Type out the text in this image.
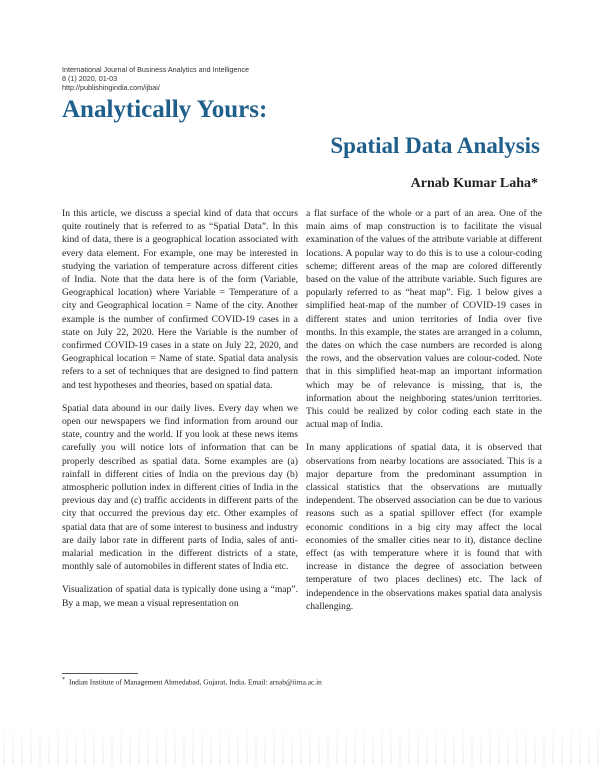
International Journal of Business Analytics and Intelligence
8 (1) 2020, 01-03
http://publishingindia.com/ijbai/
Analytically Yours:
Spatial Data Analysis
Arnab Kumar Laha*

In this article, we discuss a special kind of data that occurs quite routinely that is referred to as “Spatial Data”. In this kind of data, there is a geographical location associated with every data element. For example, one may be interested in studying the variation of temperature across different cities of India. Note that the data here is of the form (Variable, Geographical location) where Variable = Temperature of a city and Geographical location = Name of the city. Another example is the number of confirmed COVID-19 cases in a state on July 22, 2020. Here the Variable is the number of confirmed COVID-19 cases in a state on July 22, 2020, and Geographical location = Name of state. Spatial data analysis refers to a set of techniques that are designed to find pattern and test hypotheses and theories, based on spatial data.

Spatial data abound in our daily lives. Every day when we open our newspapers we find information from around our state, country and the world. If you look at these news items carefully you will notice lots of information that can be properly described as spatial data. Some examples are (a) rainfall in different cities of India on the previous day (b) atmospheric pollution index in different cities of India in the previous day and (c) traffic accidents in different parts of the city that occurred the previous day etc. Other examples of spatial data that are of some interest to business and industry are daily labor rate in different parts of India, sales of anti-malarial medication in the different districts of a state, monthly sale of automobiles in different states of India etc.

Visualization of spatial data is typically done using a “map”. By a map, we mean a visual representation on

a flat surface of the whole or a part of an area. One of the main aims of map construction is to facilitate the visual examination of the values of the attribute variable at different locations. A popular way to do this is to use a colour-coding scheme; different areas of the map are colored differently based on the value of the attribute variable. Such figures are popularly referred to as “heat map”. Fig. 1 below gives a simplified heat-map of the number of COVID-19 cases in different states and union territories of India over five months. In this example, the states are arranged in a column, the dates on which the case numbers are recorded is along the rows, and the observation values are colour-coded. Note that in this simplified heat-map an important information which may be of relevance is missing, that is, the information about the neighboring states/union territories. This could be realized by color coding each state in the actual map of India.

In many applications of spatial data, it is observed that observations from nearby locations are associated. This is a major departure from the predominant assumption in classical statistics that the observations are mutually independent. The observed association can be due to various reasons such as a spatial spillover effect (for example economic conditions in a big city may affect the local economies of the smaller cities near to it), distance decline effect (as with temperature where it is found that with increase in distance the degree of association between temperature of two places declines) etc. The lack of independence in the observations makes spatial data analysis challenging.

* Indian Institute of Management Ahmedabad, Gujarat, India. Email: arnab@iima.ac.in
